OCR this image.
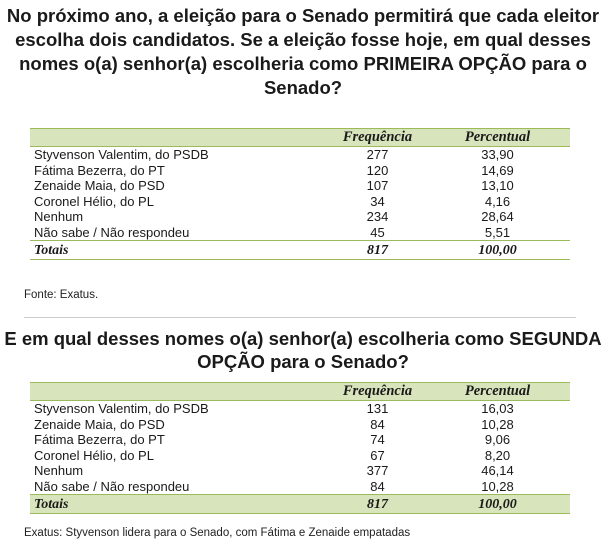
No próximo ano, a eleição para o Senado permitirá que cada eleitor escolha dois candidatos. Se a eleição fosse hoje, em qual desses nomes o(a) senhor(a) escolheria como PRIMEIRA OPÇÃO para o Senado?
	Frequência	Percentual
Styvenson Valentim, do PSDB	277	33,90
Fátima Bezerra, do PT	120	14,69
Zenaide Maia, do PSD	107	13,10
Coronel Hélio, do PL	34	4,16
Nenhum	234	28,64
Não sabe / Não respondeu	45	5,51
Totais	817	100,00
Fonte: Exatus.
E em qual desses nomes o(a) senhor(a) escolheria como SEGUNDA OPÇÃO para o Senado?
	Frequência	Percentual
Styvenson Valentim, do PSDB	131	16,03
Zenaide Maia, do PSD	84	10,28
Fátima Bezerra, do PT	74	9,06
Coronel Hélio, do PL	67	8,20
Nenhum	377	46,14
Não sabe / Não respondeu	84	10,28
Totais	817	100,00
Exatus: Styvenson lidera para o Senado, com Fátima e Zenaide empatadas
